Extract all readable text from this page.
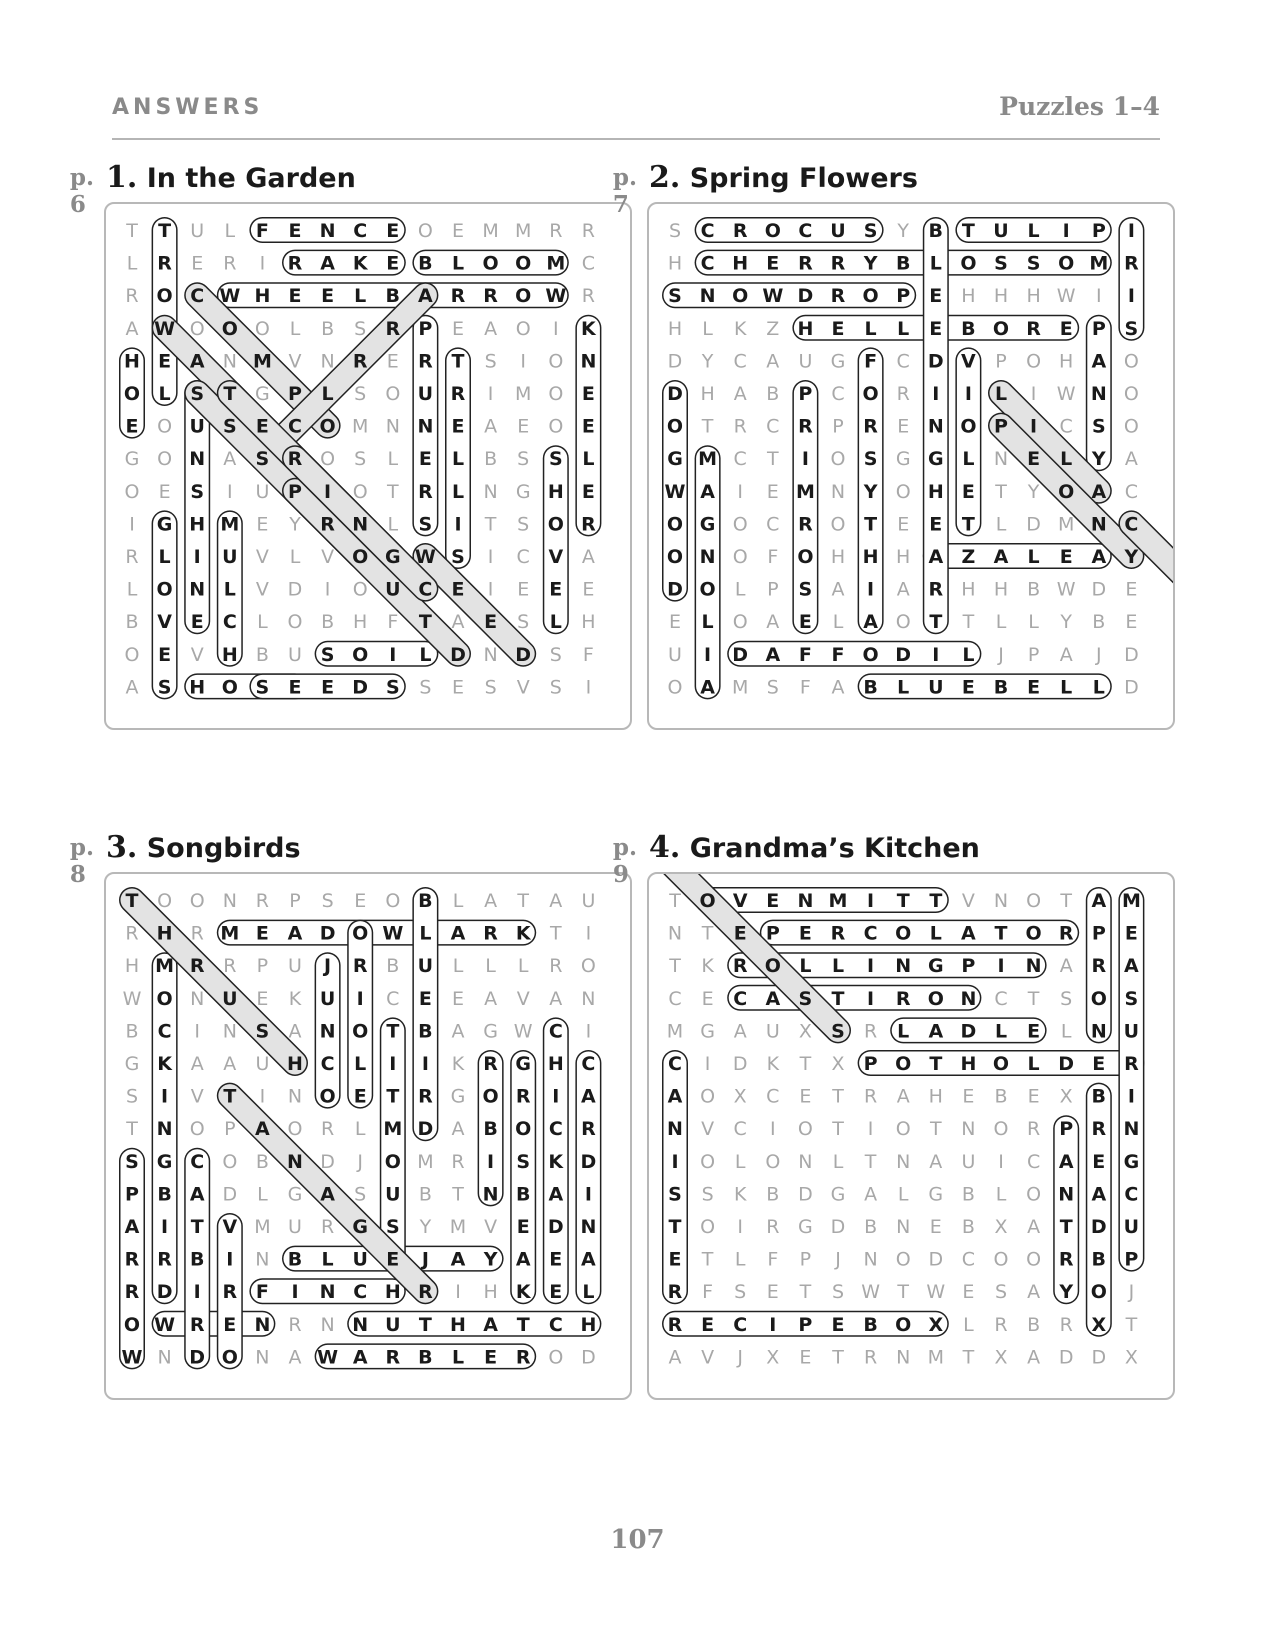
ANSWERS	Puzzles 1–4
1. In the Garden
p. 6
T T U L F E N C E O E M M R R
L R E R I R A K E B L O O M C
R O C W H E E L B A R R O W R
A W O O O L B S R P E A O I K
H E A N M V N R E R T S I O N
O L S T G P L S O U R I M O E
E O U S E C O M N N E A E O E
G O N A S R O S L E L B S S L
O E S I U P I O T R L N G H E
I G H M E Y R N L S I T S O R
R L I U V L V O G W S I C V A
L O N L V D I O U C E I E E E
B V E C L O B H F T A E S L H
O E V H B U S O I L D N D S F
A S H O S E E D S S E S V S I
2. Spring Flowers
p. 7
S C R O C U S Y B T U L I P I
H C H E R R Y B L O S S O M R
S N O W D R O P E H H H W I I
H L K Z H E L L E B O R E P S
D Y C A U G F C D V P O H A O
D H A B P C O R I I L I W N O
O T R C R P R E N O P I C S O
G M C T I O S G G L N E L Y A
W A I E M N Y O H E T Y O A C
O G O C R O T E E T L D M N C
O N O F O H H H A Z A L E A Y
D O L P S A I A R H H B W D E
E L O A E L A O T T L L Y B E
U I D A F F O D I L J P A J D
O A M S F A B L U E B E L L D
3. Songbirds
p. 8
T O O N R P S E O B L A T A U
R H R M E A D O W L A R K T I
H M R R P U J R B U L L L R O
W O N U E K U I C E E A V A N
B C I N S A N O T B A G W C I
G K A A U H C L I I K R G H C
S I V T I N O E T R G O R I A
T N O P A O R L M D A B O C R
S G C O B N D J O M R I S K D
P B A D L G A S U B T N B A I
A I T V M U R G S Y M V E D N
R R B I N B L U E J A Y A E A
R D I R F I N C H R I H K E L
O W R E N R N N U T H A T C H
W N D O N A W A R B L E R O D
4. Grandma’s Kitchen
p. 9
T O V E N M I T T V N O T A M
N T E P E R C O L A T O R P E
T K R O L L I N G P I N A R A
C E C A S T I R O N C T S O S
M G A U X S R L A D L E L N U
C I D K T X P O T H O L D E R
A O X C E T R A H E B E X B I
N V C I O T I O T N O R P R N
I O L O N L T N A U I C A E G
S S K B D G A L G B L O N A C
T O I R G D B N E B X A T D U
E T L F P J N O D C O O R B P
R F S E T S W T W E S A Y O J
R E C I P E B O X L R B R X T
A V J X E T R N M T X A D D X
107
